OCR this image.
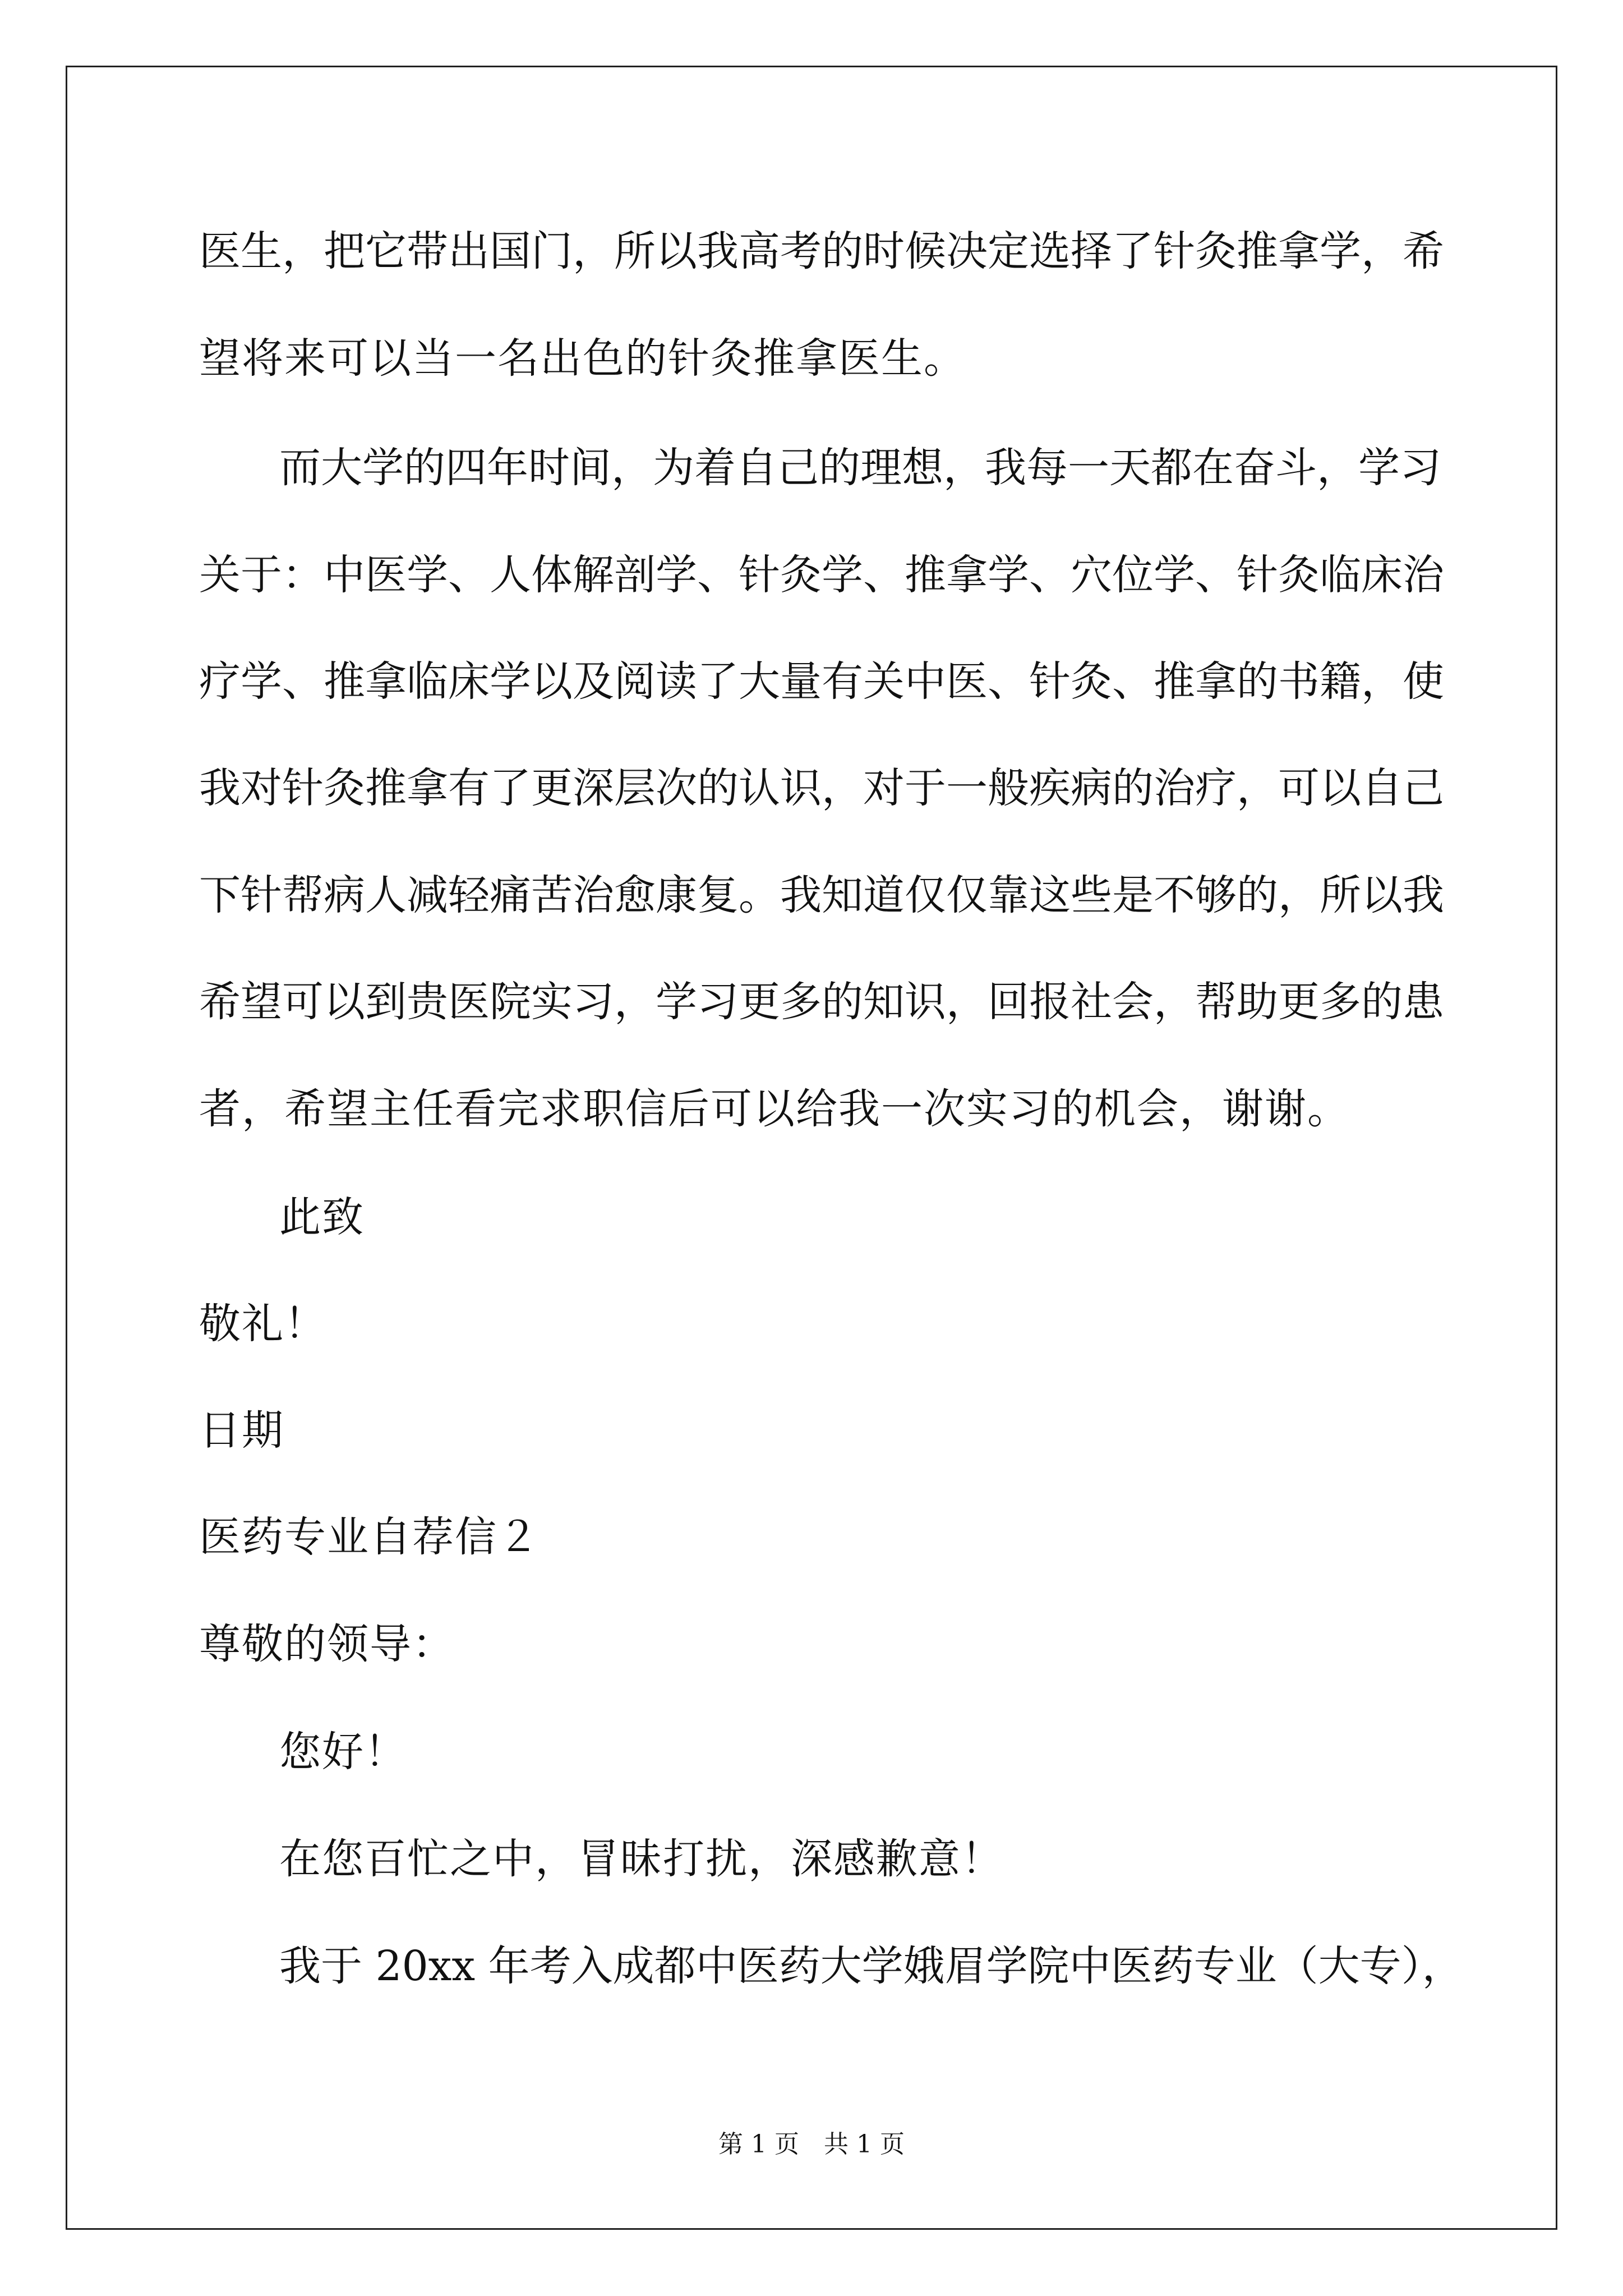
医生，把它带出国门，所以我高考的时候决定选择了针灸推拿学，希

望将来可以当一名出色的针灸推拿医生。

而大学的四年时间，为着自己的理想，我每一天都在奋斗，学习

关于：中医学、人体解剖学、针灸学、推拿学、穴位学、针灸临床治

疗学、推拿临床学以及阅读了大量有关中医、针灸、推拿的书籍，使

我对针灸推拿有了更深层次的认识，对于一般疾病的治疗，可以自己

下针帮病人减轻痛苦治愈康复。我知道仅仅靠这些是不够的，所以我

希望可以到贵医院实习，学习更多的知识，回报社会，帮助更多的患

者，希望主任看完求职信后可以给我一次实习的机会，谢谢。

此致

敬礼！

日期

医药专业自荐信２

尊敬的领导：

您好！

在您百忙之中，冒昧打扰，深感歉意！

我于 20xx 年考入成都中医药大学娥眉学院中医药专业（大专），

第 1 页　共 1 页
